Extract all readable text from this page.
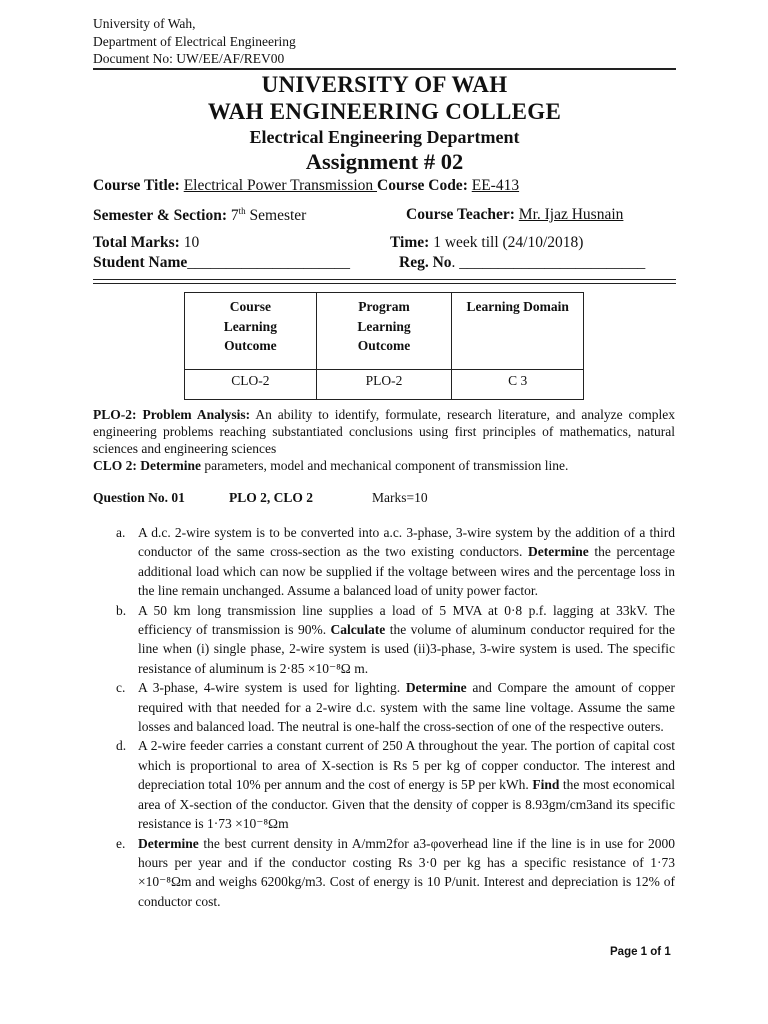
University of Wah,
Department of Electrical Engineering
Document No: UW/EE/AF/REV00
UNIVERSITY OF WAH
WAH ENGINEERING COLLEGE
Electrical Engineering Department
Assignment # 02
Course Title: Electrical Power Transmission Course Code: EE-413
Semester & Section: 7th Semester	Course Teacher: Mr. Ijaz Husnain
Total Marks: 10	Time: 1 week till (24/10/2018)
Student Name_____________________	Reg. No. ________________________
Course
Learning
Outcome	Program
Learning
Outcome	Learning Domain
CLO-2	PLO-2	C 3
PLO-2: Problem Analysis: An ability to identify, formulate, research literature, and analyze complex engineering problems reaching substantiated conclusions using first principles of mathematics, natural sciences and engineering sciences
CLO 2: Determine parameters, model and mechanical component of transmission line.
Question No. 01	PLO 2, CLO 2	Marks=10
a. A d.c. 2-wire system is to be converted into a.c. 3-phase, 3-wire system by the addition of a third conductor of the same cross-section as the two existing conductors. Determine the percentage additional load which can now be supplied if the voltage between wires and the percentage loss in the line remain unchanged. Assume a balanced load of unity power factor.
b. A 50 km long transmission line supplies a load of 5 MVA at 0·8 p.f. lagging at 33kV. The efficiency of transmission is 90%. Calculate the volume of aluminum conductor required for the line when (i) single phase, 2-wire system is used (ii)3-phase, 3-wire system is used. The specific resistance of aluminum is 2·85 ×10⁻⁸Ω m.
c. A 3-phase, 4-wire system is used for lighting. Determine and Compare the amount of copper required with that needed for a 2-wire d.c. system with the same line voltage. Assume the same losses and balanced load. The neutral is one-half the cross-section of one of the respective outers.
d. A 2-wire feeder carries a constant current of 250 A throughout the year. The portion of capital cost which is proportional to area of X-section is Rs 5 per kg of copper conductor. The interest and depreciation total 10% per annum and the cost of energy is 5P per kWh. Find the most economical area of X-section of the conductor. Given that the density of copper is 8.93gm/cm3and its specific resistance is 1·73 ×10⁻⁸Ωm
e. Determine the best current density in A/mm2for a3-φoverhead line if the line is in use for 2000 hours per year and if the conductor costing Rs 3·0 per kg has a specific resistance of 1·73 ×10⁻⁸Ωm and weighs 6200kg/m3. Cost of energy is 10 P/unit. Interest and depreciation is 12% of conductor cost.
Page 1 of 1
